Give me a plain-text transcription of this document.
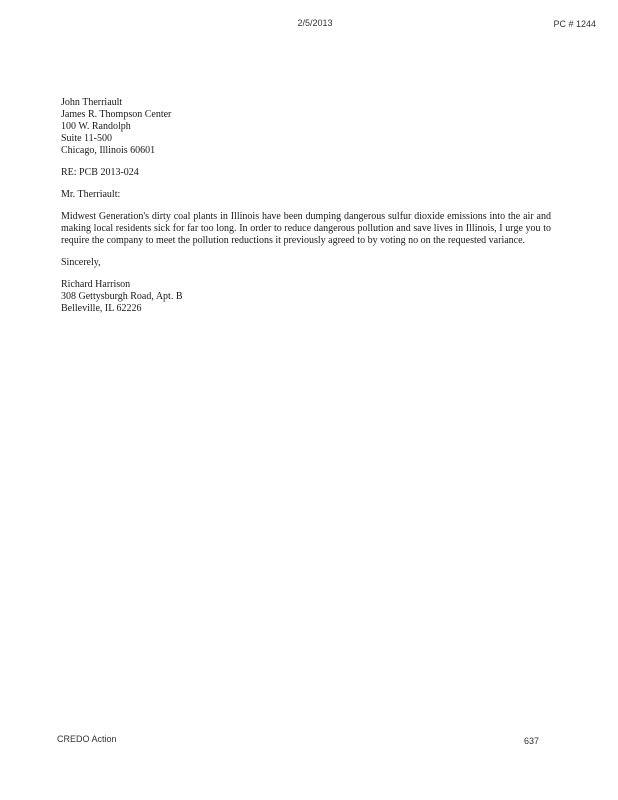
2/5/2013	PC # 1244
John Therriault
James R. Thompson Center
100 W. Randolph
Suite 11-500
Chicago, Illinois 60601
RE: PCB 2013-024
Mr. Therriault:
Midwest Generation's dirty coal plants in Illinois have been dumping dangerous sulfur dioxide emissions into the air and making local residents sick for far too long. In order to reduce dangerous pollution and save lives in Illinois, I urge you to require the company to meet the pollution reductions it previously agreed to by voting no on the requested variance.
Sincerely,
Richard Harrison
308 Gettysburgh Road, Apt. B
Belleville, IL 62226
CREDO Action	637
